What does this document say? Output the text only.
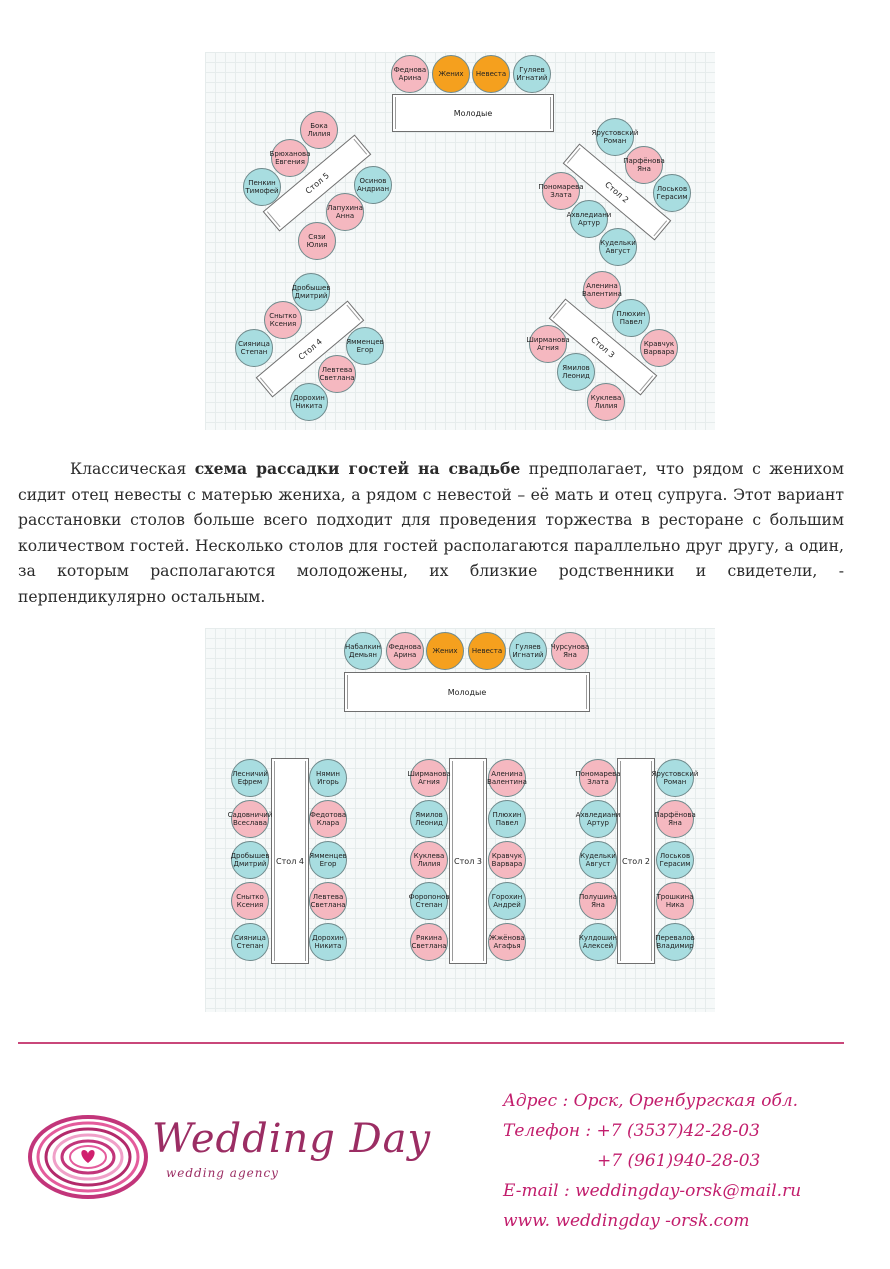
Феднова
Арина	Жених Невеста	Гуляев
Игнатий
Молодые
Стол 5
Бока
Лилия
Брюханова
Евгения
Пенкин
Тимофей
Осинов
Андриан
Лапухина
Анна
Сязи
Юлия
Стол 2
Ярустовский
Роман
Парфёнова
Яна
Пономарева
Злата
Лоськов
Герасим
Ахвледиани
Артур
Кудельки
Август
Стол 4
Дробышев
Дмитрий
Снытко
Ксения
Сияница
Степан
Ямменцев
Егор
Левтева
Светлана
Дорохин
Никита
Стол 3
Аленина
Валентина
Плюхин
Павел
Ширманова
Агния	Кравчук
Варвара
Ямилов
Леонид
Куклева
Лилия

Классическая схема рассадки гостей на свадьбе предполагает, что рядом с женихом сидит отец невесты с матерью жениха, а рядом с невестой – её мать и отец супруга. Этот вариант расстановки столов больше всего подходит для проведения торжества в ресторане с большим количеством гостей. Несколько столов для гостей располагаются параллельно друг другу, а один, за которым располагаются молодожены, их близкие родственники и свидетели, - перпендикулярно остальным.

Набалкин
Демьян
Феднова
Арина	Жених Невеста	Гуляев
Игнатий
Чурсунова
Яна
Молодые
Стол 4
Лесничий
Ефрем
Садовничий
Всеслава
Дробышев
Дмитрий
Снытко
Ксения
Сияница
Степан
Нямин
Игорь
Федотова
Клара
Ямменцев
Егор
Левтева
Светлана
Дорохин
Никита
Стол 3
Ширманова
Агния
Ямилов
Леонид
Куклева
Лилия
Форопонов
Степан
Рякина
Светлана
Аленина
Валентина
Плюхин
Павел
Кравчук
Варвара
Горохин
Андрей
Жжёнова
Агафья
Стол 2
Пономарева
Злата
Ахвледиани
Артур
Кудельки
Август
Полушина
Яна
Кулдошин
Алексей
Ярустовский
Роман
Парфёнова
Яна
Лоськов
Герасим
Трошкина
Ника
Перевалов
Владимир
Wedding Day
wedding agency
Адрес : Орск, Оренбургская обл.
Телефон : +7 (3537)42-28-03
+7 (961)940-28-03
E-mail : weddingday-orsk@mail.ru
www. weddingday -orsk.com
